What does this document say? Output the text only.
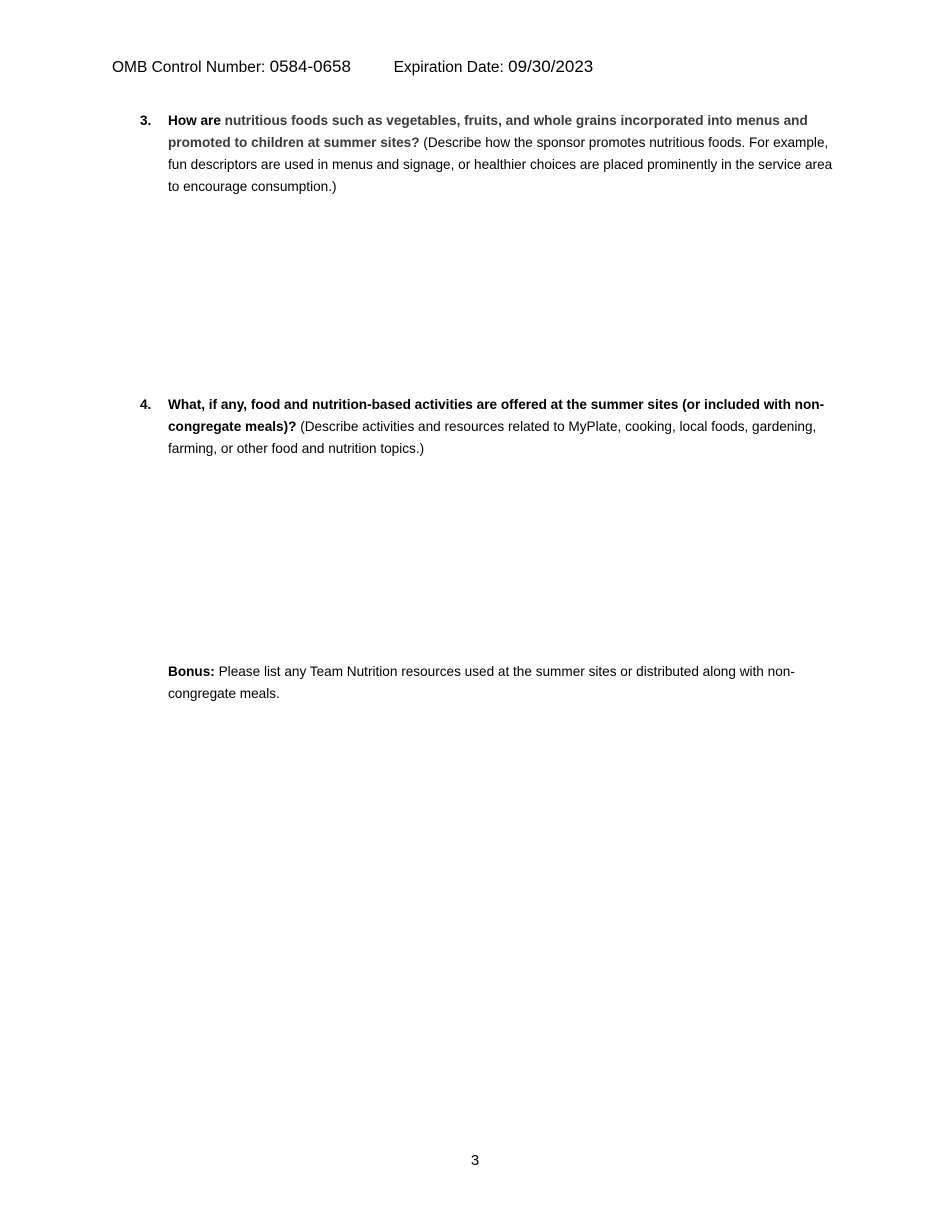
OMB Control Number: 0584-0658	Expiration Date: 09/30/2023
3. How are nutritious foods such as vegetables, fruits, and whole grains incorporated into menus and promoted to children at summer sites? (Describe how the sponsor promotes nutritious foods. For example, fun descriptors are used in menus and signage, or healthier choices are placed prominently in the service area to encourage consumption.)
4. What, if any, food and nutrition-based activities are offered at the summer sites (or included with non-congregate meals)? (Describe activities and resources related to MyPlate, cooking, local foods, gardening, farming, or other food and nutrition topics.)
Bonus: Please list any Team Nutrition resources used at the summer sites or distributed along with non-congregate meals.
3
